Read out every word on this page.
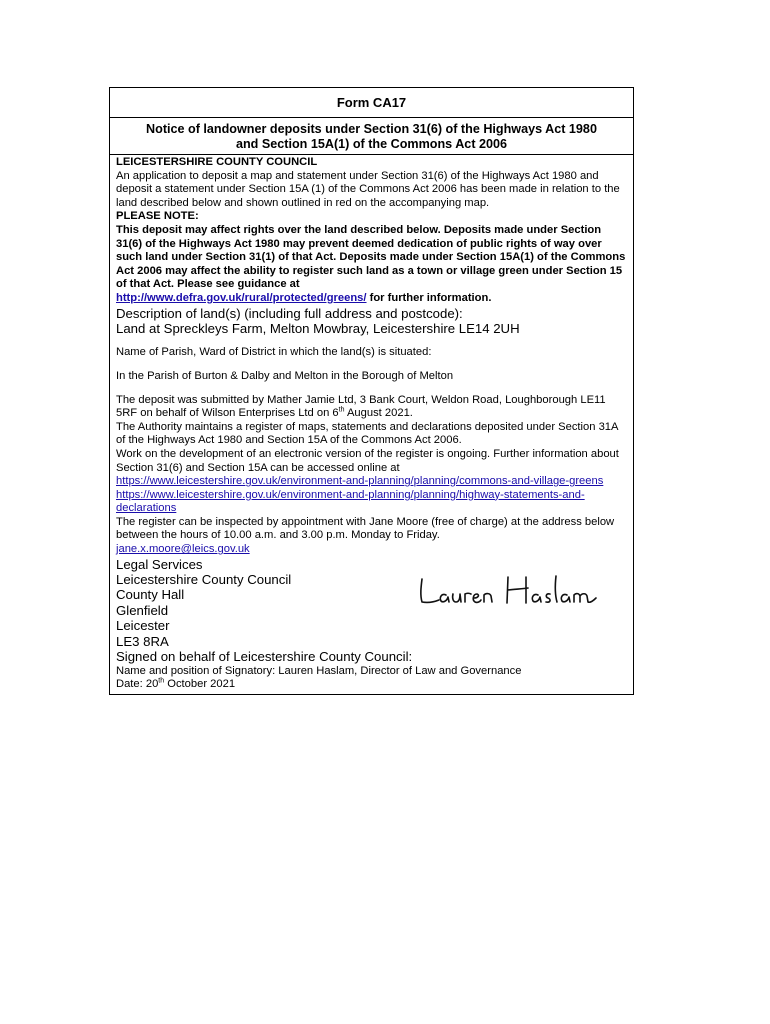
Form CA17
Notice of landowner deposits under Section 31(6) of the Highways Act 1980
and Section 15A(1) of the Commons Act 2006
LEICESTERSHIRE COUNTY COUNCIL
An application to deposit a map and statement under Section 31(6) of the Highways Act 1980 and deposit a statement under Section 15A (1) of the Commons Act 2006 has been made in relation to the land described below and shown outlined in red on the accompanying map.
PLEASE NOTE:
This deposit may affect rights over the land described below. Deposits made under Section 31(6) of the Highways Act 1980 may prevent deemed dedication of public rights of way over such land under Section 31(1) of that Act. Deposits made under Section 15A(1) of the Commons Act 2006 may affect the ability to register such land as a town or village green under Section 15 of that Act. Please see guidance at
http://www.defra.gov.uk/rural/protected/greens/ for further information.
Description of land(s) (including full address and postcode):
Land at Spreckleys Farm, Melton Mowbray, Leicestershire LE14 2UH
Name of Parish, Ward of District in which the land(s) is situated:
In the Parish of Burton & Dalby and Melton in the Borough of Melton
The deposit was submitted by Mather Jamie Ltd, 3 Bank Court, Weldon Road, Loughborough LE11 5RF on behalf of Wilson Enterprises Ltd on 6th August 2021.
The Authority maintains a register of maps, statements and declarations deposited under Section 31A of the Highways Act 1980 and Section 15A of the Commons Act 2006.
Work on the development of an electronic version of the register is ongoing. Further information about Section 31(6) and Section 15A can be accessed online at
https://www.leicestershire.gov.uk/environment-and-planning/planning/commons-and-village-greens
https://www.leicestershire.gov.uk/environment-and-planning/planning/highway-statements-and-declarations
The register can be inspected by appointment with Jane Moore (free of charge) at the address below between the hours of 10.00 a.m. and 3.00 p.m. Monday to Friday.
jane.x.moore@leics.gov.uk
Legal Services
Leicestershire County Council
County Hall
Glenfield
Leicester
LE3 8RA
Signed on behalf of Leicestershire County Council:
Name and position of Signatory: Lauren Haslam, Director of Law and Governance
Date: 20th October 2021
